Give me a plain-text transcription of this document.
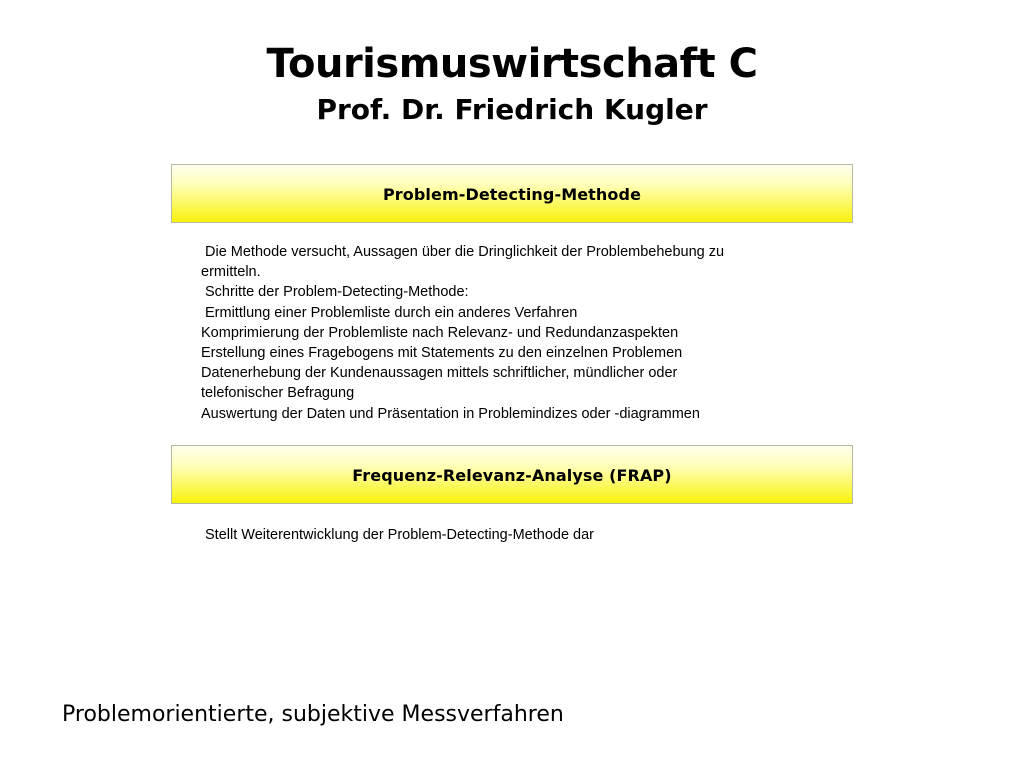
Tourismuswirtschaft C
Prof. Dr. Friedrich Kugler
Problem-Detecting-Methode
Die Methode versucht, Aussagen über die Dringlichkeit der Problembehebung zu
ermitteln.
Schritte der Problem-Detecting-Methode:
Ermittlung einer Problemliste durch ein anderes Verfahren
Komprimierung der Problemliste nach Relevanz- und Redundanzaspekten
Erstellung eines Fragebogens mit Statements zu den einzelnen Problemen
Datenerhebung der Kundenaussagen mittels schriftlicher, mündlicher oder
telefonischer Befragung
Auswertung der Daten und Präsentation in Problemindizes oder -diagrammen
Frequenz-Relevanz-Analyse (FRAP)
Stellt Weiterentwicklung der Problem-Detecting-Methode dar
Problemorientierte, subjektive Messverfahren
